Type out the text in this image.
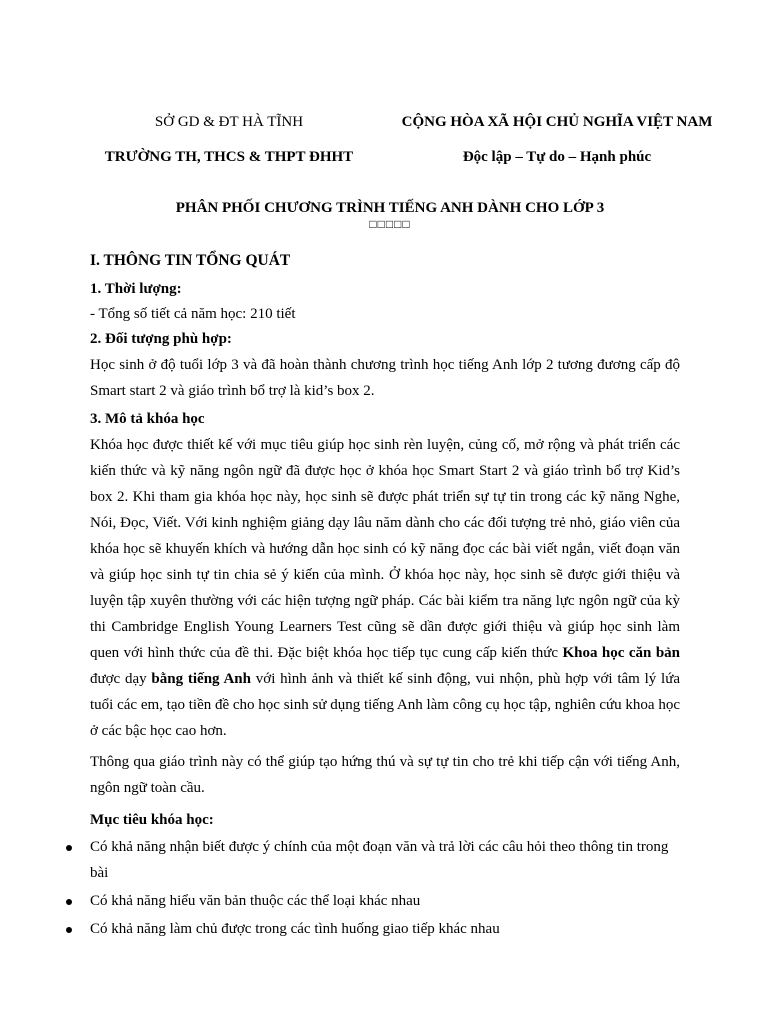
SỞ GD & ĐT HÀ TĨNH	CỘNG HÒA XÃ HỘI CHỦ NGHĨA VIỆT NAM
TRƯỜNG TH, THCS & THPT ĐHHT	Độc lập – Tự do – Hạnh phúc
PHÂN PHỐI CHƯƠNG TRÌNH TIẾNG ANH DÀNH CHO LỚP 3
□□□□□

I. THÔNG TIN TỔNG QUÁT

1. Thời lượng:

- Tổng số tiết cả năm học: 210 tiết

2. Đối tượng phù hợp:

Học sinh ở độ tuổi lớp 3 và đã hoàn thành chương trình học tiếng Anh lớp 2 tương đương cấp độ Smart start 2 và giáo trình bổ trợ là kid’s box 2.

3. Mô tả khóa học

Khóa học được thiết kế với mục tiêu giúp học sinh rèn luyện, củng cố, mở rộng và phát triển các kiến thức và kỹ năng ngôn ngữ đã được học ở khóa học Smart Start 2 và giáo trình bổ trợ Kid’s box 2. Khi tham gia khóa học này, học sinh sẽ được phát triển sự tự tin trong các kỹ năng Nghe, Nói, Đọc, Viết. Với kinh nghiệm giảng dạy lâu năm dành cho các đối tượng trẻ nhỏ, giáo viên của khóa học sẽ khuyến khích và hướng dẫn học sinh có kỹ năng đọc các bài viết ngắn, viết đoạn văn và giúp học sinh tự tin chia sẻ ý kiến của mình. Ở khóa học này, học sinh sẽ được giới thiệu và luyện tập xuyên thường với các hiện tượng ngữ pháp. Các bài kiểm tra năng lực ngôn ngữ của kỳ thi Cambridge English Young Learners Test cũng sẽ dần được giới thiệu và giúp học sinh làm quen với hình thức của đề thi. Đặc biệt khóa học tiếp tục cung cấp kiến thức Khoa học căn bản được dạy bằng tiếng Anh với hình ảnh và thiết kế sinh động, vui nhộn, phù hợp với tâm lý lứa tuổi các em, tạo tiền đề cho học sinh sử dụng tiếng Anh làm công cụ học tập, nghiên cứu khoa học ở các bậc học cao hơn.

Thông qua giáo trình này có thể giúp tạo hứng thú và sự tự tin cho trẻ khi tiếp cận với tiếng Anh, ngôn ngữ toàn cầu.

Mục tiêu khóa học:

Có khả năng nhận biết được ý chính của một đoạn văn và trả lời các câu hỏi theo thông tin trong bài
Có khả năng hiểu văn bản thuộc các thể loại khác nhau
Có khả năng làm chủ được trong các tình huống giao tiếp khác nhau
